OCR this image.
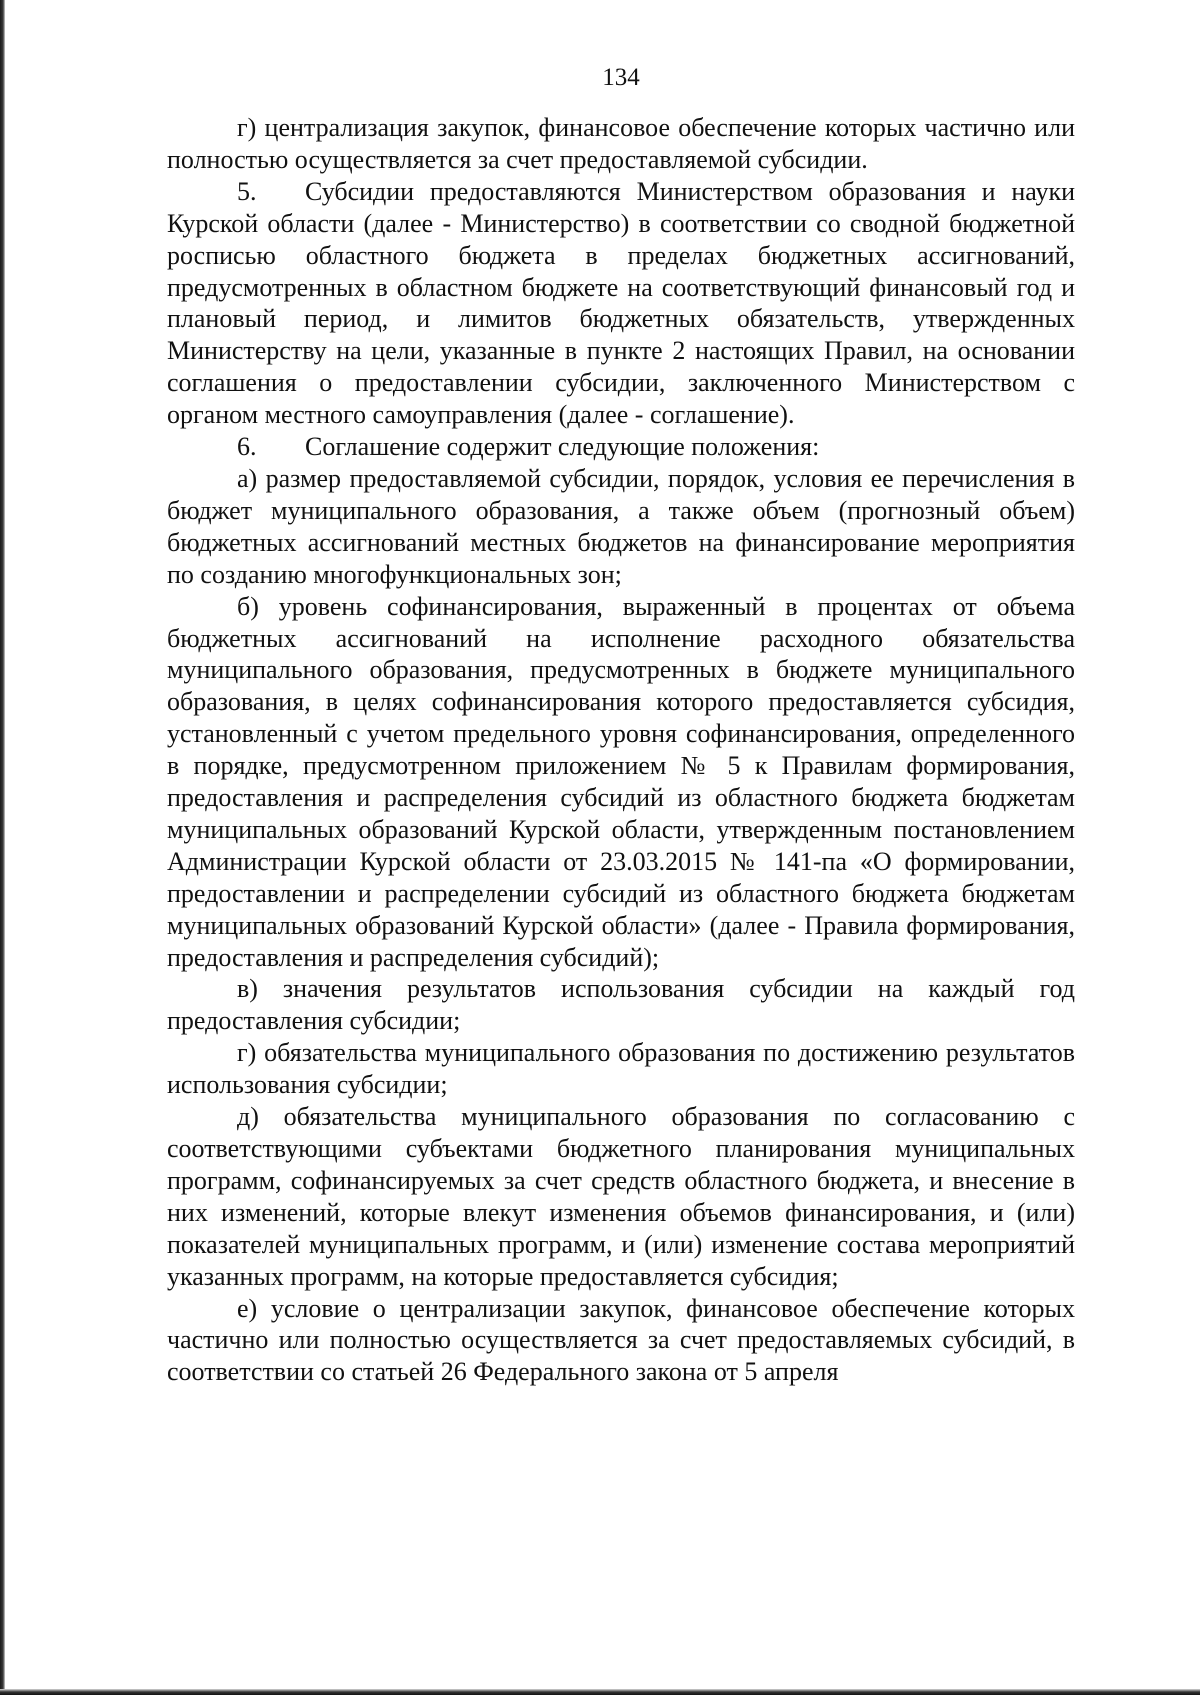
134

г) централизация закупок, финансовое обеспечение которых частично или полностью осуществляется за счет предоставляемой субсидии.

5. Субсидии предоставляются Министерством образования и науки Курской области (далее - Министерство) в соответствии со сводной бюджетной росписью областного бюджета в пределах бюджетных ассигнований, предусмотренных в областном бюджете на соответствующий финансовый год и плановый период, и лимитов бюджетных обязательств, утвержденных Министерству на цели, указанные в пункте 2 настоящих Правил, на основании соглашения о предоставлении субсидии, заключенного Министерством с органом местного самоуправления (далее - соглашение).

6. Соглашение содержит следующие положения:

а) размер предоставляемой субсидии, порядок, условия ее перечисления в бюджет муниципального образования, а также объем (прогнозный объем) бюджетных ассигнований местных бюджетов на финансирование мероприятия по созданию многофункциональных зон;

б) уровень софинансирования, выраженный в процентах от объема бюджетных ассигнований на исполнение расходного обязательства муниципального образования, предусмотренных в бюджете муниципального образования, в целях софинансирования которого предоставляется субсидия, установленный с учетом предельного уровня софинансирования, определенного в порядке, предусмотренном приложением № 5 к Правилам формирования, предоставления и распределения субсидий из областного бюджета бюджетам муниципальных образований Курской области, утвержденным постановлением Администрации Курской области от 23.03.2015 № 141-па «О формировании, предоставлении и распределении субсидий из областного бюджета бюджетам муниципальных образований Курской области» (далее - Правила формирования, предоставления и распределения субсидий);

в) значения результатов использования субсидии на каждый год предоставления субсидии;

г) обязательства муниципального образования по достижению результатов использования субсидии;

д) обязательства муниципального образования по согласованию с соответствующими субъектами бюджетного планирования муниципальных программ, софинансируемых за счет средств областного бюджета, и внесение в них изменений, которые влекут изменения объемов финансирования, и (или) показателей муниципальных программ, и (или) изменение состава мероприятий указанных программ, на которые предоставляется субсидия;

е) условие о централизации закупок, финансовое обеспечение которых частично или полностью осуществляется за счет предоставляемых субсидий, в соответствии со статьей 26 Федерального закона от 5 апреля
